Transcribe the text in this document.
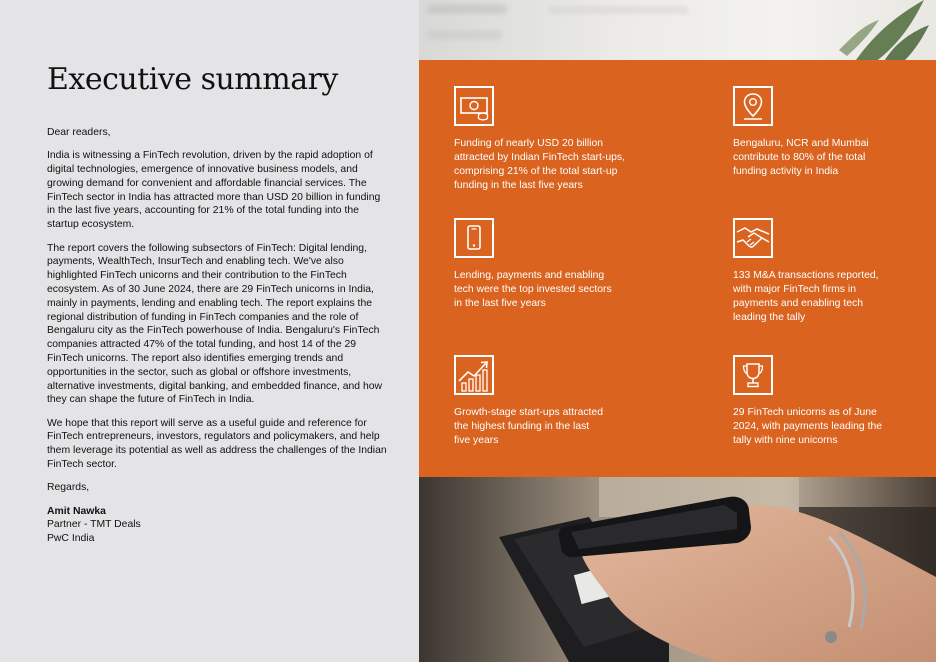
Executive summary

Dear readers,

India is witnessing a FinTech revolution, driven by the rapid adoption of digital technologies, emergence of innovative business models, and growing demand for convenient and affordable financial services. The FinTech sector in India has attracted more than USD 20 billion in funding in the last five years, accounting for 21% of the total funding into the startup ecosystem.

The report covers the following subsectors of FinTech: Digital lending, payments, WealthTech, InsurTech and enabling tech. We've also highlighted FinTech unicorns and their contribution to the FinTech ecosystem. As of 30 June 2024, there are 29 FinTech unicorns in India, mainly in payments, lending and enabling tech. The report explains the regional distribution of funding in FinTech companies and the role of Bengaluru city as the FinTech powerhouse of India. Bengaluru's FinTech companies attracted 47% of the total funding, and host 14 of the 29 FinTech unicorns. The report also identifies emerging trends and opportunities in the sector, such as global or offshore investments, alternative investments, digital banking, and embedded finance, and how they can shape the future of FinTech in India.

We hope that this report will serve as a useful guide and reference for FinTech entrepreneurs, investors, regulators and policymakers, and help them leverage its potential as well as address the challenges of the Indian FinTech sector.

Regards,

Amit Nawka
Partner - TMT Deals
PwC India
Funding of nearly USD 20 billion attracted by Indian FinTech start-ups, comprising 21% of the total start-up funding in the last five years
Bengaluru, NCR and Mumbai contribute to 80% of the total funding activity in India
Lending, payments and enabling tech were the top invested sectors in the last five years
133 M&A transactions reported, with major FinTech firms in payments and enabling tech leading the tally
Growth-stage start-ups attracted the highest funding in the last five years
29 FinTech unicorns as of June 2024, with payments leading the tally with nine unicorns
